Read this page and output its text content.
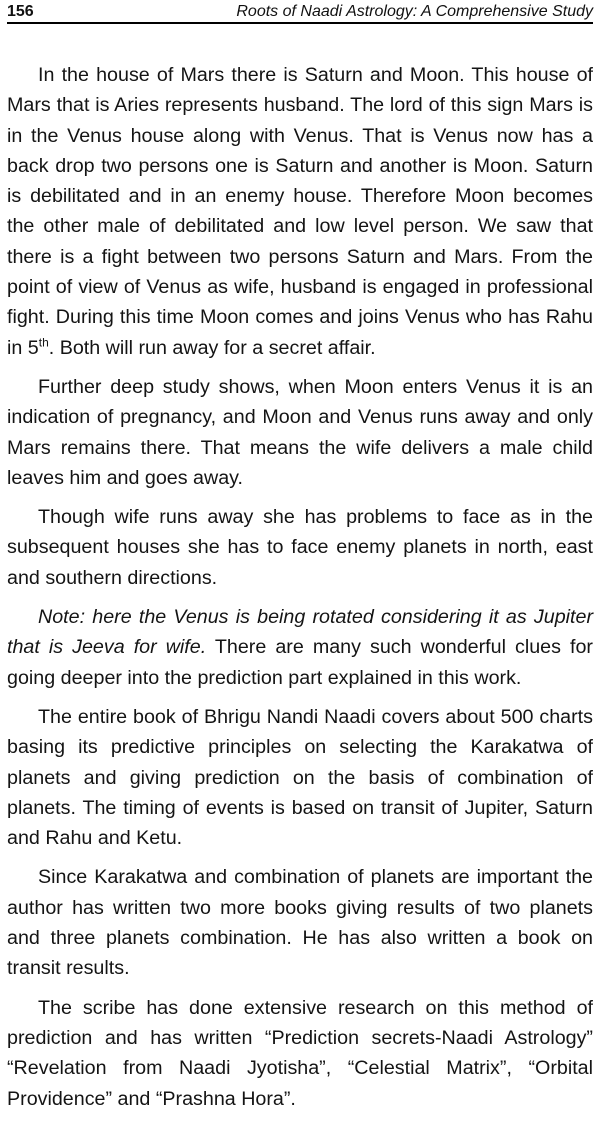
156	Roots of Naadi Astrology: A Comprehensive Study

In the house of Mars there is Saturn and Moon. This house of Mars that is Aries represents husband. The lord of this sign Mars is in the Venus house along with Venus. That is Venus now has a back drop two persons one is Saturn and another is Moon. Saturn is debilitated and in an enemy house. Therefore Moon becomes the other male of debilitated and low level person. We saw that there is a fight between two persons Saturn and Mars. From the point of view of Venus as wife, husband is engaged in professional fight. During this time Moon comes and joins Venus who has Rahu in 5th. Both will run away for a secret affair.

Further deep study shows, when Moon enters Venus it is an indication of pregnancy, and Moon and Venus runs away and only Mars remains there. That means the wife delivers a male child leaves him and goes away.

Though wife runs away she has problems to face as in the subsequent houses she has to face enemy planets in north, east and southern directions.

Note: here the Venus is being rotated considering it as Jupiter that is Jeeva for wife. There are many such wonderful clues for going deeper into the prediction part explained in this work.

The entire book of Bhrigu Nandi Naadi covers about 500 charts basing its predictive principles on selecting the Karakatwa of planets and giving prediction on the basis of combination of planets. The timing of events is based on transit of Jupiter, Saturn and Rahu and Ketu.

Since Karakatwa and combination of planets are important the author has written two more books giving results of two planets and three planets combination. He has also written a book on transit results.

The scribe has done extensive research on this method of prediction and has written “Prediction secrets-Naadi Astrology” “Revelation from Naadi Jyotisha”, “Celestial Matrix”, “Orbital Providence” and “Prashna Hora”.
